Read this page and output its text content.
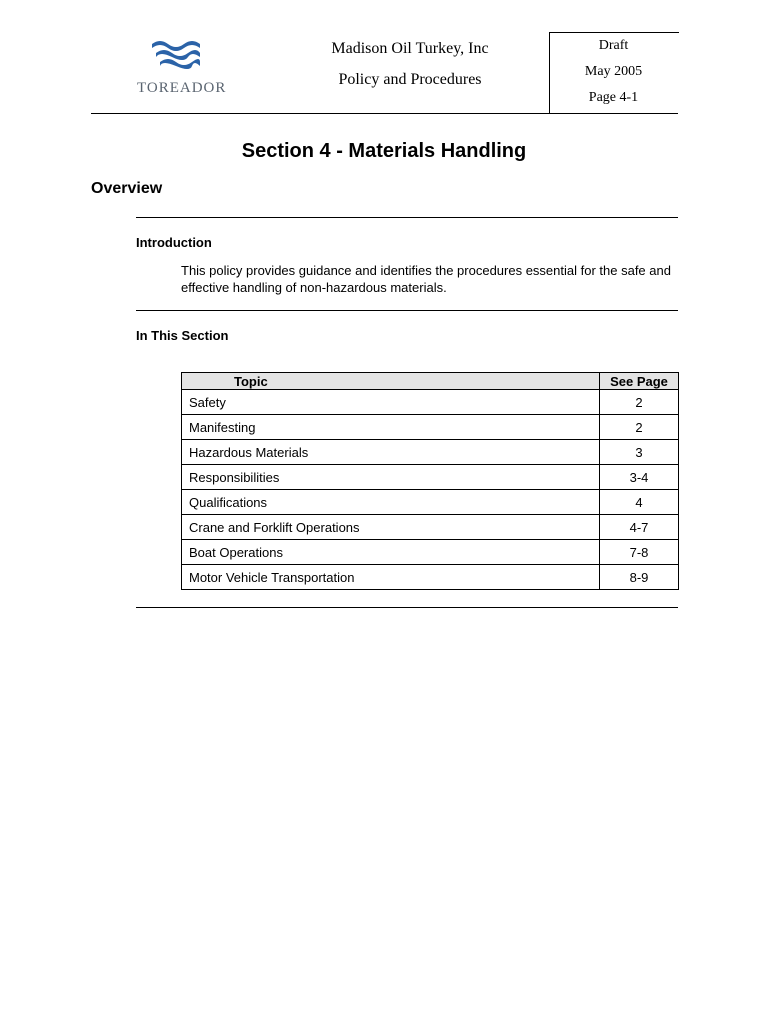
TOREADOR
Madison Oil Turkey, Inc
Policy and Procedures
Draft
May 2005
Page 4-1
Section 4 - Materials Handling
Overview
Introduction
This policy provides guidance and identifies the procedures essential for the safe and effective handling of non-hazardous materials.
In This Section
Topic	See Page
Safety	2
Manifesting	2
Hazardous Materials	3
Responsibilities	3-4
Qualifications	4
Crane and Forklift Operations	4-7
Boat Operations	7-8
Motor Vehicle Transportation	8-9
